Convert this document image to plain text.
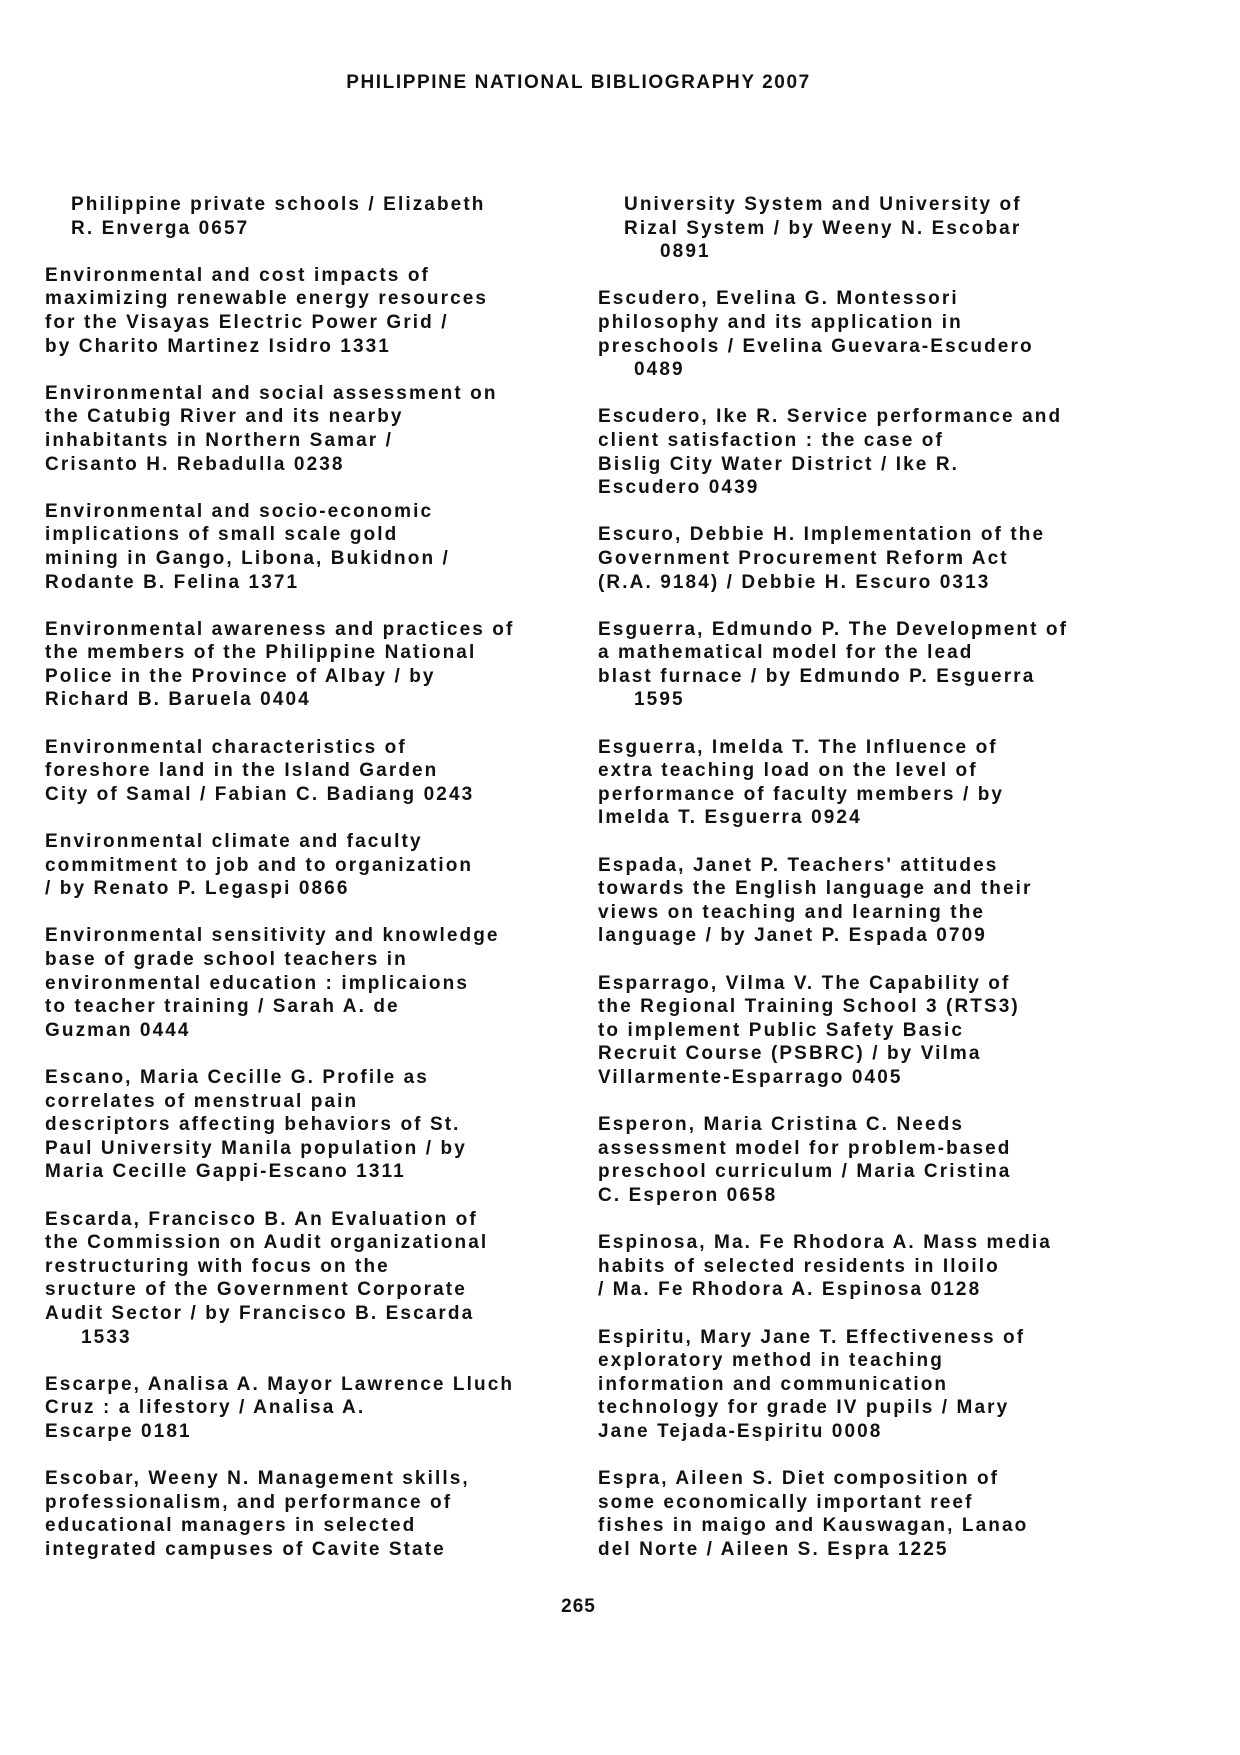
PHILIPPINE NATIONAL BIBLIOGRAPHY 2007
Philippine private schools / Elizabeth
R. Enverga 0657
Environmental and cost impacts of
maximizing renewable energy resources
for the Visayas Electric Power Grid /
by Charito Martinez Isidro 1331
Environmental and social assessment on
the Catubig River and its nearby
inhabitants in Northern Samar /
Crisanto H. Rebadulla 0238
Environmental and socio-economic
implications of small scale gold
mining in Gango, Libona, Bukidnon /
Rodante B. Felina 1371
Environmental awareness and practices of
the members of the Philippine National
Police in the Province of Albay / by
Richard B. Baruela 0404
Environmental characteristics of
foreshore land in the Island Garden
City of Samal / Fabian C. Badiang 0243
Environmental climate and faculty
commitment to job and to organization
/ by Renato P. Legaspi 0866
Environmental sensitivity and knowledge
base of grade school teachers in
environmental education : implicaions
to teacher training / Sarah A. de
Guzman 0444
Escano, Maria Cecille G. Profile as
correlates of menstrual pain
descriptors affecting behaviors of St.
Paul University Manila population / by
Maria Cecille Gappi-Escano 1311
Escarda, Francisco B. An Evaluation of
the Commission on Audit organizational
restructuring with focus on the
sructure of the Government Corporate
Audit Sector / by Francisco B. Escarda
1533
Escarpe, Analisa A. Mayor Lawrence Lluch
Cruz : a lifestory / Analisa A.
Escarpe 0181
Escobar, Weeny N. Management skills,
professionalism, and performance of
educational managers in selected
integrated campuses of Cavite State
University System and University of
Rizal System / by Weeny N. Escobar
0891
Escudero, Evelina G. Montessori
philosophy and its application in
preschools / Evelina Guevara-Escudero
0489
Escudero, Ike R. Service performance and
client satisfaction : the case of
Bislig City Water District / Ike R.
Escudero 0439
Escuro, Debbie H. Implementation of the
Government Procurement Reform Act
(R.A. 9184) / Debbie H. Escuro 0313
Esguerra, Edmundo P. The Development of
a mathematical model for the lead
blast furnace / by Edmundo P. Esguerra
1595
Esguerra, Imelda T. The Influence of
extra teaching load on the level of
performance of faculty members / by
Imelda T. Esguerra 0924
Espada, Janet P. Teachers' attitudes
towards the English language and their
views on teaching and learning the
language / by Janet P. Espada 0709
Esparrago, Vilma V. The Capability of
the Regional Training School 3 (RTS3)
to implement Public Safety Basic
Recruit Course (PSBRC) / by Vilma
Villarmente-Esparrago 0405
Esperon, Maria Cristina C. Needs
assessment model for problem-based
preschool curriculum / Maria Cristina
C. Esperon 0658
Espinosa, Ma. Fe Rhodora A. Mass media
habits of selected residents in Iloilo
/ Ma. Fe Rhodora A. Espinosa 0128
Espiritu, Mary Jane T. Effectiveness of
exploratory method in teaching
information and communication
technology for grade IV pupils / Mary
Jane Tejada-Espiritu 0008
Espra, Aileen S. Diet composition of
some economically important reef
fishes in maigo and Kauswagan, Lanao
del Norte / Aileen S. Espra 1225
265
